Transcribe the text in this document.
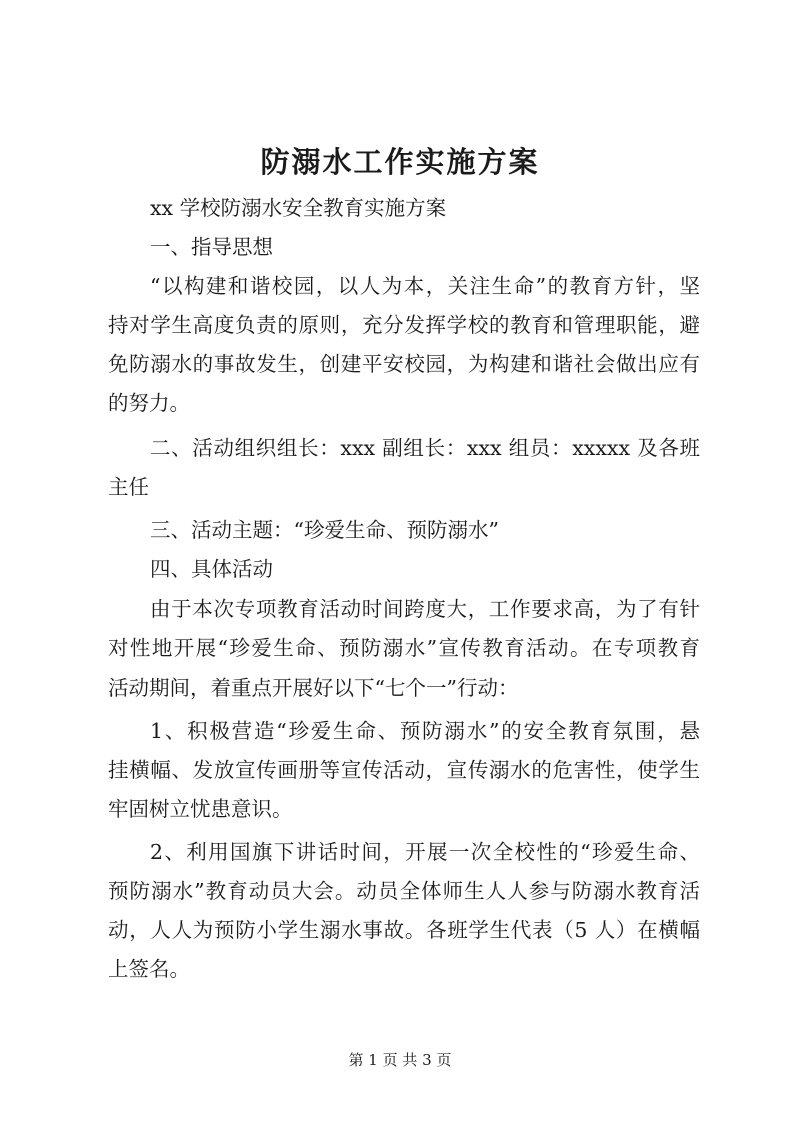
防溺水工作实施方案
xx 学校防溺水安全教育实施方案
一、指导思想
“以构建和谐校园，以人为本，关注生命”的教育方针，坚
持对学生高度负责的原则，充分发挥学校的教育和管理职能，避
免防溺水的事故发生，创建平安校园，为构建和谐社会做出应有
的努力。
二、活动组织组长：xxx 副组长：xxx 组员：xxxxx 及各班
主任
三、活动主题：“珍爱生命、预防溺水”
四、具体活动
由于本次专项教育活动时间跨度大，工作要求高，为了有针
对性地开展“珍爱生命、预防溺水”宣传教育活动。在专项教育
活动期间，着重点开展好以下“七个一”行动：
1、积极营造“珍爱生命、预防溺水”的安全教育氛围，悬
挂横幅、发放宣传画册等宣传活动，宣传溺水的危害性，使学生
牢固树立忧患意识。
2、利用国旗下讲话时间，开展一次全校性的“珍爱生命、
预防溺水”教育动员大会。动员全体师生人人参与防溺水教育活
动，人人为预防小学生溺水事故。各班学生代表（5 人）在横幅
上签名。
第 1 页 共 3 页
